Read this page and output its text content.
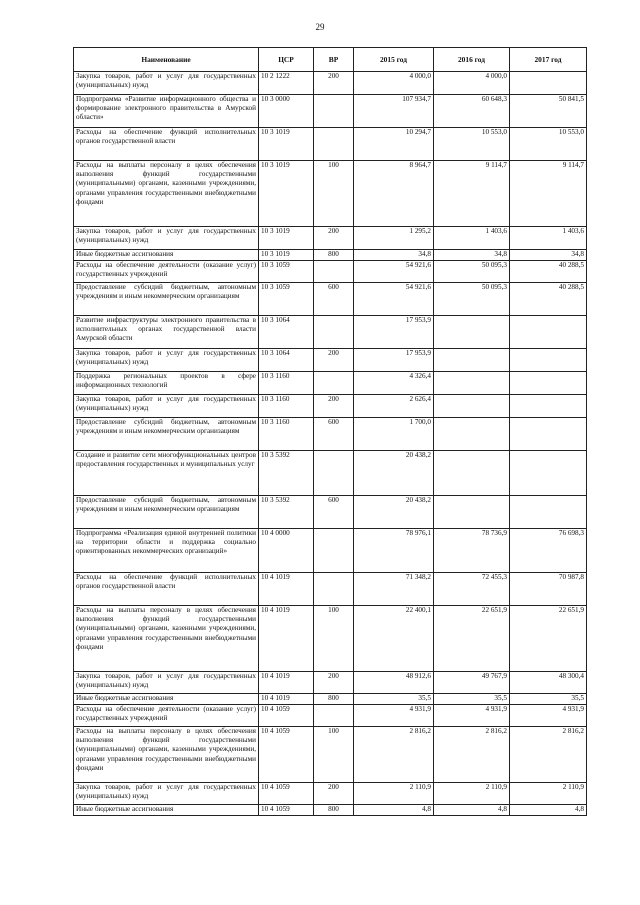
29
Наименование	ЦСР	ВР	2015 год	2016 год	2017 год
Закупка товаров, работ и услуг для государственных (муниципальных) нужд	10 2 1222	200	4 000,0	4 000,0	
Подпрограмма «Развитие информационного общества и формирование электронного правительства в Амурской области»	10 3 0000		107 934,7	60 648,3	50 841,5
Расходы на обеспечение функций исполнительных органов государственной власти	10 3 1019		10 294,7	10 553,0	10 553,0
Расходы на выплаты персоналу в целях обеспечения выполнения функций государственными (муниципальными) органами, казенными учреждениями, органами управления государственными внебюджетными фондами	10 3 1019	100	8 964,7	9 114,7	9 114,7
Закупка товаров, работ и услуг для государственных (муниципальных) нужд	10 3 1019	200	1 295,2	1 403,6	1 403,6
Иные бюджетные ассигнования	10 3 1019	800	34,8	34,8	34,8
Расходы на обеспечение деятельности (оказание услуг) государственных учреждений	10 3 1059		54 921,6	50 095,3	40 288,5
Предоставление субсидий бюджетным, автономным учреждениям и иным некоммерческим организациям	10 3 1059	600	54 921,6	50 095,3	40 288,5
Развитие инфраструктуры электронного правительства в исполнительных органах государственной власти Амурской области	10 3 1064		17 953,9		
Закупка товаров, работ и услуг для государственных (муниципальных) нужд	10 3 1064	200	17 953,9		
Поддержка региональных проектов в сфере информационных технологий	10 3 1160		4 326,4		
Закупка товаров, работ и услуг для государственных (муниципальных) нужд	10 3 1160	200	2 626,4		
Предоставление субсидий бюджетным, автономным учреждениям и иным некоммерческим организациям	10 3 1160	600	1 700,0		
Создание и развитие сети многофункциональных центров предоставления государственных и муниципальных услуг	10 3 5392		20 438,2		
Предоставление субсидий бюджетным, автономным учреждениям и иным некоммерческим организациям	10 3 5392	600	20 438,2		
Подпрограмма «Реализация единой внутренней политики на территории области и поддержка социально ориентированных некоммерческих организаций»	10 4 0000		78 976,1	78 736,9	76 698,3
Расходы на обеспечение функций исполнительных органов государственной власти	10 4 1019		71 348,2	72 455,3	70 987,8
Расходы на выплаты персоналу в целях обеспечения выполнения функций государственными (муниципальными) органами, казенными учреждениями, органами управления государственными внебюджетными фондами	10 4 1019	100	22 400,1	22 651,9	22 651,9
Закупка товаров, работ и услуг для государственных (муниципальных) нужд	10 4 1019	200	48 912,6	49 767,9	48 300,4
Иные бюджетные ассигнования	10 4 1019	800	35,5	35,5	35,5
Расходы на обеспечение деятельности (оказание услуг) государственных учреждений	10 4 1059		4 931,9	4 931,9	4 931,9
Расходы на выплаты персоналу в целях обеспечения выполнения функций государственными (муниципальными) органами, казенными учреждениями, органами управления государственными внебюджетными фондами	10 4 1059	100	2 816,2	2 816,2	2 816,2
Закупка товаров, работ и услуг для государственных (муниципальных) нужд	10 4 1059	200	2 110,9	2 110,9	2 110,9
Иные бюджетные ассигнования	10 4 1059	800	4,8	4,8	4,8
